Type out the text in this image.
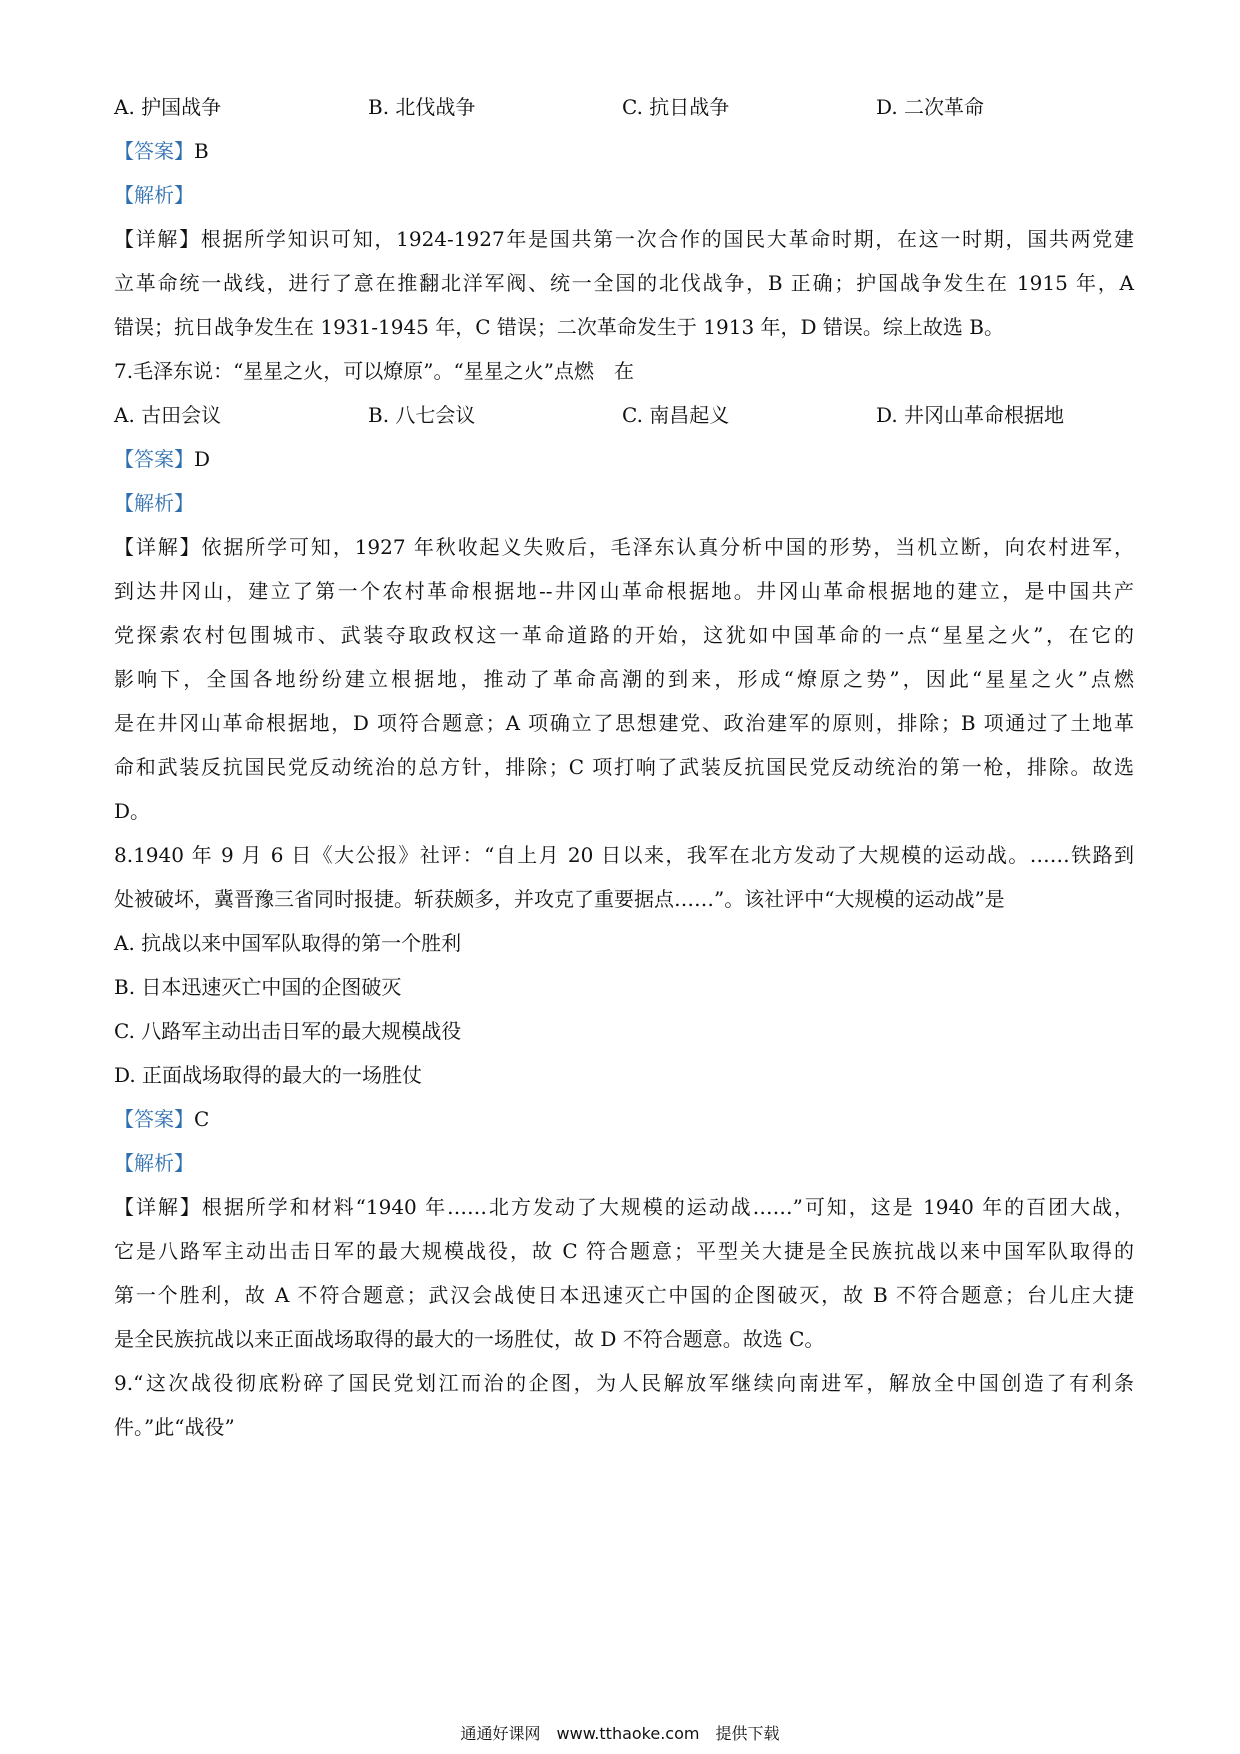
A. 护国战争	B. 北伐战争	C. 抗日战争	D. 二次革命
【答案】B
【解析】
【详解】根据所学知识可知，1924-1927年是国共第一次合作的国民大革命时期，在这一时期，国共两党建
立革命统一战线，进行了意在推翻北洋军阀、统一全国的北伐战争，B 正确；护国战争发生在 1915 年，A
错误；抗日战争发生在 1931-1945 年，C 错误；二次革命发生于 1913 年，D 错误。综上故选 B。
7.毛泽东说：“星星之火，可以燎原”。“星星之火”点燃　在
A. 古田会议	B. 八七会议	C. 南昌起义	D. 井冈山革命根据地
【答案】D
【解析】
【详解】依据所学可知，1927 年秋收起义失败后，毛泽东认真分析中国的形势，当机立断，向农村进军，
到达井冈山，建立了第一个农村革命根据地--井冈山革命根据地。井冈山革命根据地的建立，是中国共产
党探索农村包围城市、武装夺取政权这一革命道路的开始，这犹如中国革命的一点“星星之火”，在它的
影响下，全国各地纷纷建立根据地，推动了革命高潮的到来，形成“燎原之势”，因此“星星之火”点燃
是在井冈山革命根据地，D 项符合题意；A 项确立了思想建党、政治建军的原则，排除；B 项通过了土地革
命和武装反抗国民党反动统治的总方针，排除；C 项打响了武装反抗国民党反动统治的第一枪，排除。故选
D。
8.1940 年 9 月 6 日《大公报》社评：“自上月 20 日以来，我军在北方发动了大规模的运动战。……铁路到
处被破坏，冀晋豫三省同时报捷。斩获颇多，并攻克了重要据点……”。该社评中“大规模的运动战”是
A. 抗战以来中国军队取得的第一个胜利
B. 日本迅速灭亡中国的企图破灭
C. 八路军主动出击日军的最大规模战役
D. 正面战场取得的最大的一场胜仗
【答案】C
【解析】
【详解】根据所学和材料“1940 年……北方发动了大规模的运动战……”可知，这是 1940 年的百团大战，
它是八路军主动出击日军的最大规模战役，故 C 符合题意；平型关大捷是全民族抗战以来中国军队取得的
第一个胜利，故 A 不符合题意；武汉会战使日本迅速灭亡中国的企图破灭，故 B 不符合题意；台儿庄大捷
是全民族抗战以来正面战场取得的最大的一场胜仗，故 D 不符合题意。故选 C。
9.“这次战役彻底粉碎了国民党划江而治的企图，为人民解放军继续向南进军，解放全中国创造了有利条
件。”此“战役”
通通好课网　www.tthaoke.com　提供下载
